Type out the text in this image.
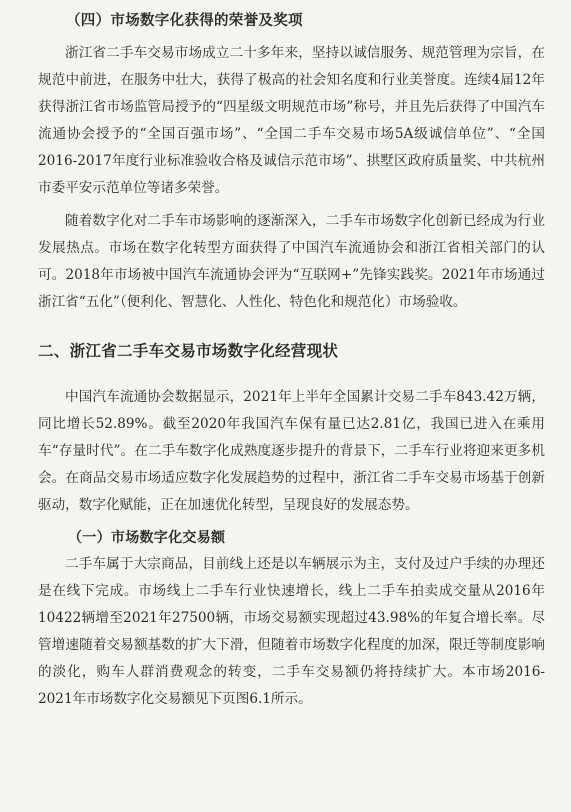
（四）市场数字化获得的荣誉及奖项

浙江省二手车交易市场成立二十多年来，坚持以诚信服务、规范管理为宗旨，在规范中前进，在服务中壮大，获得了极高的社会知名度和行业美誉度。连续4届12年获得浙江省市场监管局授予的“四星级文明规范市场”称号，并且先后获得了中国汽车流通协会授予的“全国百强市场”、“全国二手车交易市场5A级诚信单位”、“全国2016-2017年度行业标准验收合格及诚信示范市场”、拱墅区政府质量奖、中共杭州市委平安示范单位等诸多荣誉。

随着数字化对二手车市场影响的逐渐深入，二手车市场数字化创新已经成为行业发展热点。市场在数字化转型方面获得了中国汽车流通协会和浙江省相关部门的认可。2018年市场被中国汽车流通协会评为“互联网+”先锋实践奖。2021年市场通过浙江省“五化”（便利化、智慧化、人性化、特色化和规范化）市场验收。

二、浙江省二手车交易市场数字化经营现状

中国汽车流通协会数据显示，2021年上半年全国累计交易二手车843.42万辆，同比增长52.89%。截至2020年我国汽车保有量已达2.81亿，我国已进入在乘用车“存量时代”。在二手车数字化成熟度逐步提升的背景下，二手车行业将迎来更多机会。在商品交易市场适应数字化发展趋势的过程中，浙江省二手车交易市场基于创新驱动，数字化赋能，正在加速优化转型，呈现良好的发展态势。

（一）市场数字化交易额

二手车属于大宗商品，目前线上还是以车辆展示为主，支付及过户手续的办理还是在线下完成。市场线上二手车行业快速增长，线上二手车拍卖成交量从2016年10422辆增至2021年27500辆，市场交易额实现超过43.98%的年复合增长率。尽管增速随着交易额基数的扩大下滑，但随着市场数字化程度的加深，限迁等制度影响的淡化，购车人群消费观念的转变，二手车交易额仍将持续扩大。本市场2016-2021年市场数字化交易额见下页图6.1所示。
